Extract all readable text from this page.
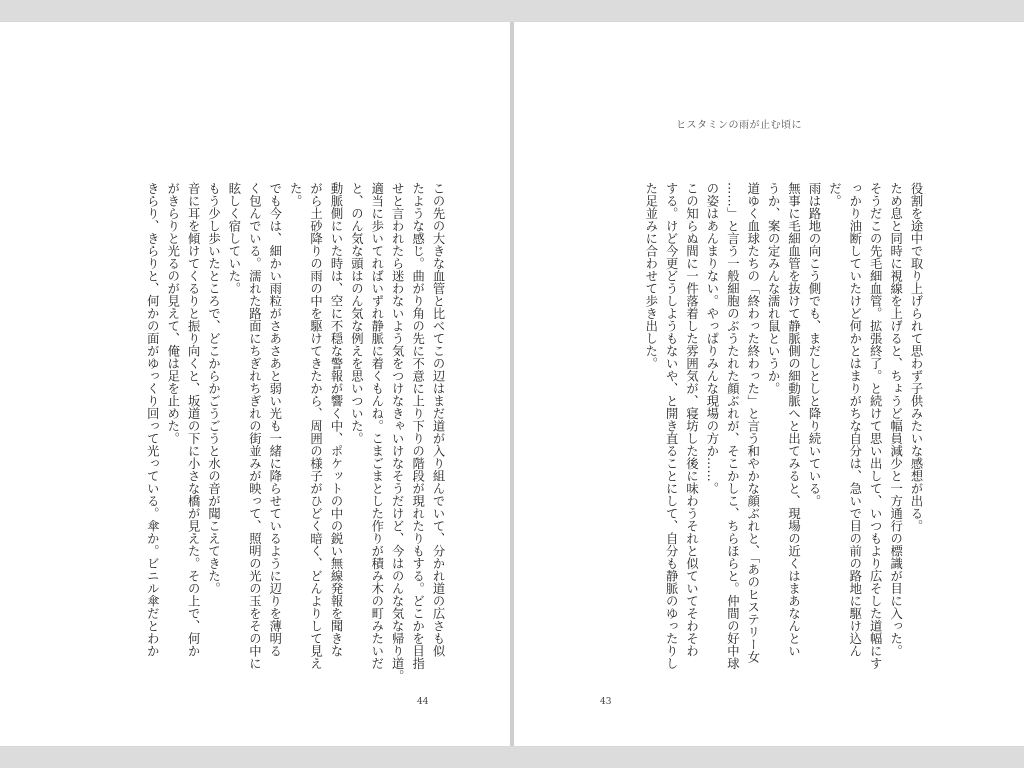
この先の大きな血管と比べてこの辺はまだ道が入り組んでいて、分かれ道の広さも似

たような感じ。曲がり角の先に不意に上り下りの階段が現れたりもする。どこかを目指

せと言われたら迷わないよう気をつけなきゃいけなそうだけど、今はのんな気な帰り道。

適当に歩いてればいずれ静脈に着くもんね。こまごまとした作りが積み木の町みたいだ

と、のん気な頭はのん気な例えを思いついた。

動脈側にいた時は、空に不穏な警報が響く中、ポケットの中の鋭い無線発報を聞きな

がら土砂降りの雨の中を駆けてきたから、周囲の様子がひどく暗く、どんよりして見え

た。

でも今は、細かい雨粒がさあさあと弱い光も一緒に降らせているように辺りを薄明る

く包んでいる。濡れた路面にちぎれちぎれの街並みが映って、照明の光の玉をその中に

眩しく宿していた。

もう少し歩いたところで、どこからかごうごうと水の音が聞こえてきた。

音に耳を傾けてくるりと振り向くと、坂道の下に小さな橋が見えた。その上で、何か

がきらりと光るのが見えて、俺は足を止めた。

きらり、きらりと、何かの面がゆっくり回って光っている。傘か。ビニル傘だとわか

44
ヒスタミンの雨が止む頃に

役割を途中で取り上げられて思わず子供みたいな感想が出る。

ため息と同時に視線を上げると、ちょうど幅員減少と一方通行の標識が目に入った。

そうだこの先毛細血管。拡張終了。と続けて思い出して、いつもより広そした道幅にす

っかり油断していたけど何かとはまりがちな自分は、急いで目の前の路地に駆け込ん

だ。

雨は路地の向こう側でも、まだしとしと降り続いている。

無事に毛細血管を抜けて静脈側の細動脈へと出てみると、現場の近くはまあなんとい

うか、案の定みんな濡れ鼠というか。

道ゆく血球たちの「終わった終わった」と言う和やかな顔ぶれと、「あのヒステリー女

……」と言う一般細胞のぶうたれた顔ぶれが、そこかしこ、ちらほらと。仲間の好中球

の姿はあんまりない。やっぱりみんな現場の方か……。

この知らぬ間に一件落着した雰囲気が、寝坊した後に味わうそれと似ていてそわそわ

する。けど今更どうしようもないや、と開き直ることにして、自分も静脈のゆったりし

た足並みに合わせて歩き出した。

43
